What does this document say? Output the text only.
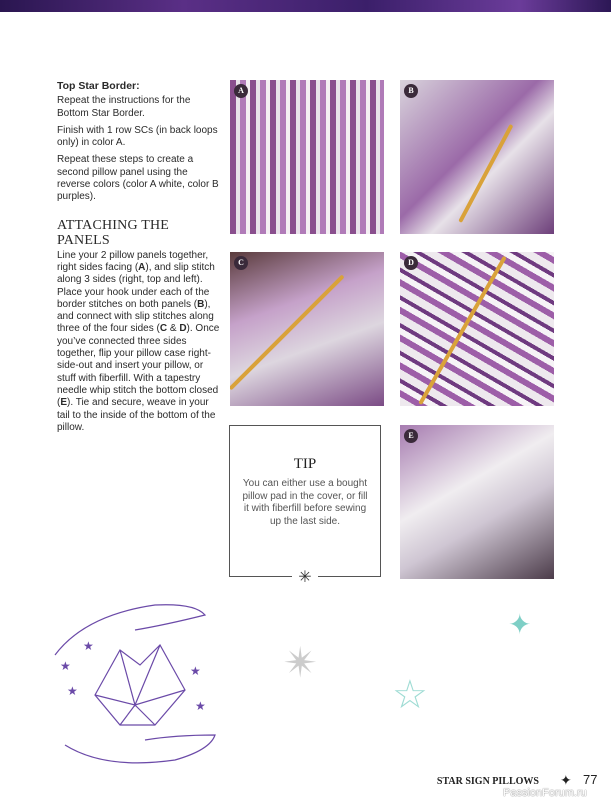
Top Star Border:

Repeat the instructions for the Bottom Star Border.

Finish with 1 row SCs (in back loops only) in color A.

Repeat these steps to create a second pillow panel using the reverse colors (color A white, color B purples).

ATTACHING THE PANELS

Line your 2 pillow panels together, right sides facing (A), and slip stitch along 3 sides (right, top and left). Place your hook under each of the border stitches on both panels (B), and connect with slip stitches along three of the four sides (C & D). Once you’ve connected three sides together, flip your pillow case right-side-out and insert your pillow, or stuff with fiberfill. With a tapestry needle whip stitch the bottom closed (E). Tie and secure, weave in your tail to the inside of the bottom of the pillow.

A	B
C	D
E
TIP
You can either use a bought pillow pad in the cover, or fill it with fiberfill before sewing up the last side.
✳
★
★
★
★
★	✴
☆
✦
STAR SIGN PILLOWS ✦ 77
PassionForum.ru
